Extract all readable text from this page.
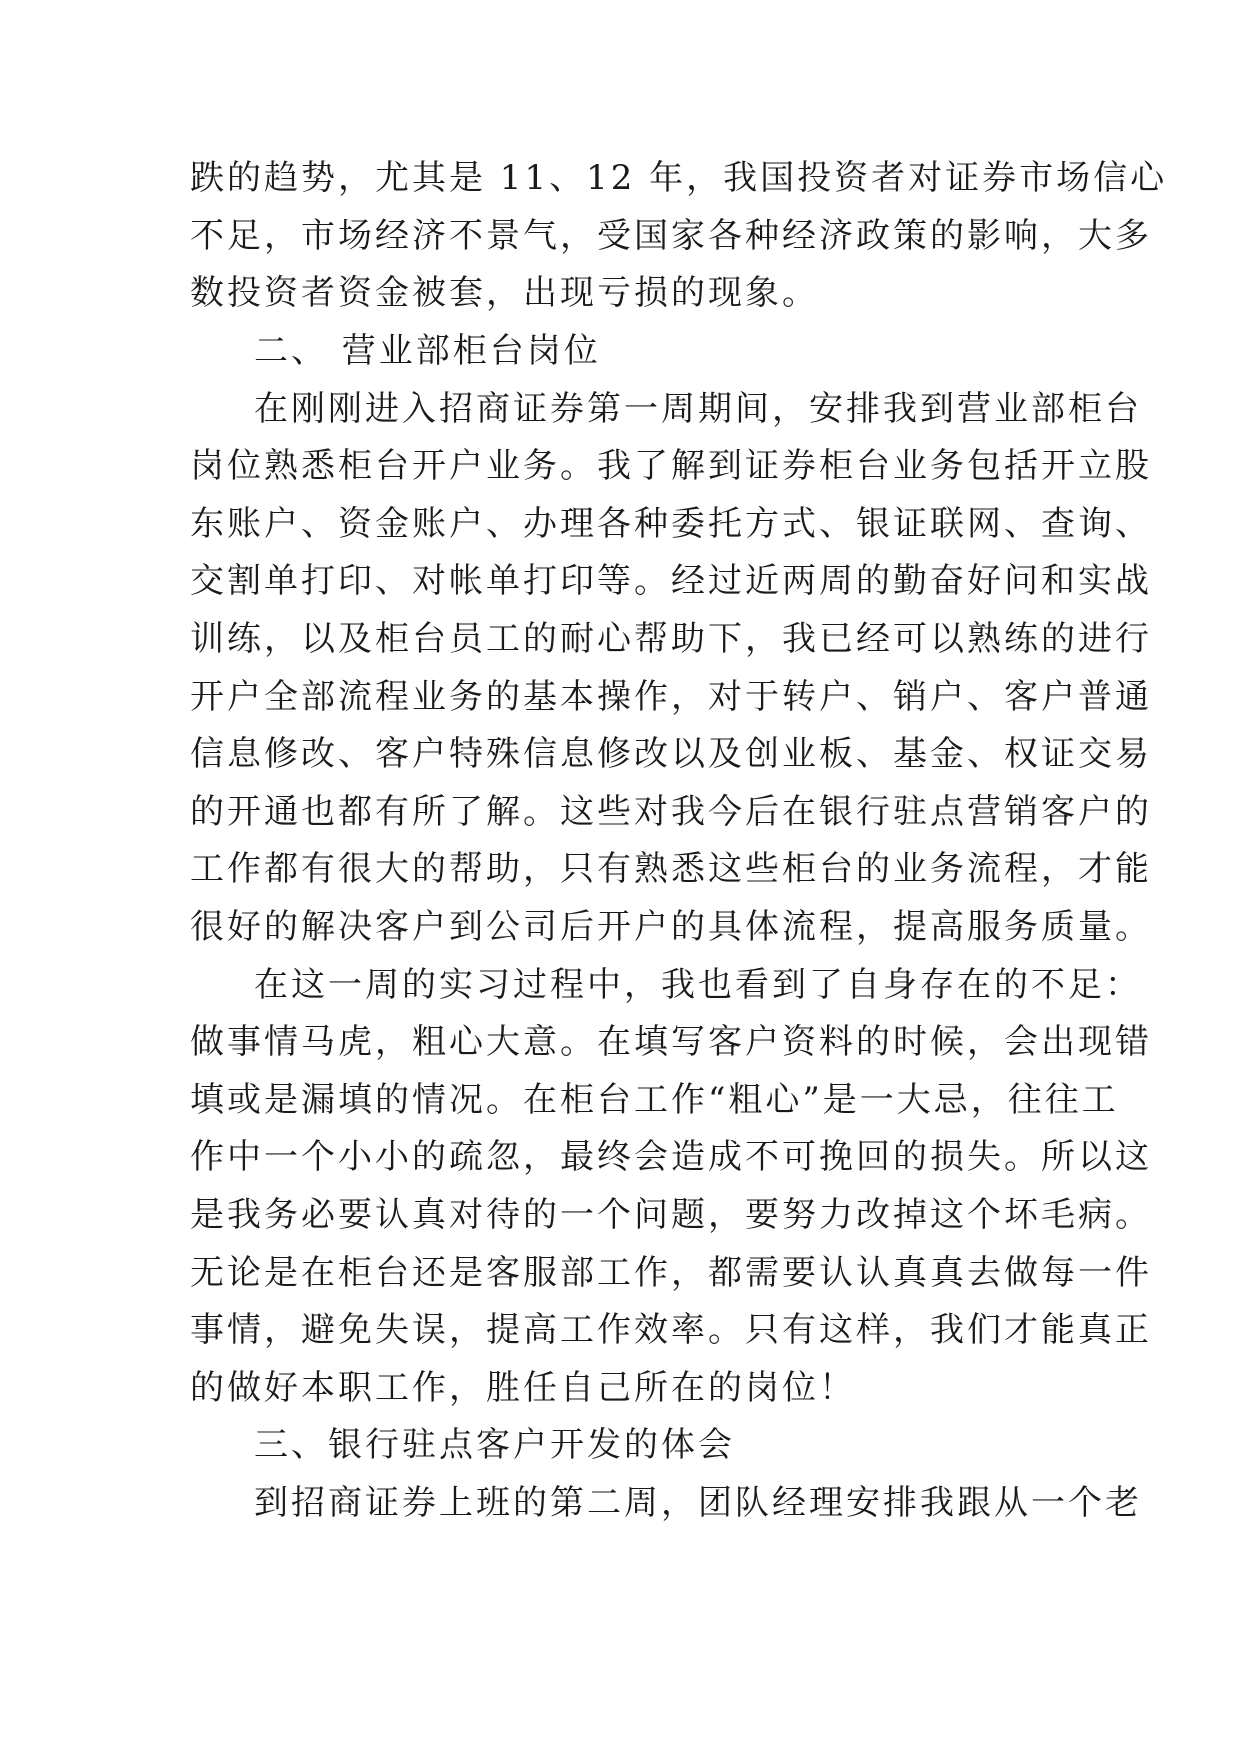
跌的趋势，尤其是 11、12 年，我国投资者对证券市场信心
不足，市场经济不景气，受国家各种经济政策的影响，大多
数投资者资金被套，出现亏损的现象。
二、 营业部柜台岗位
在刚刚进入招商证券第一周期间，安排我到营业部柜台
岗位熟悉柜台开户业务。我了解到证券柜台业务包括开立股
东账户、资金账户、办理各种委托方式、银证联网、查询、
交割单打印、对帐单打印等。经过近两周的勤奋好问和实战
训练，以及柜台员工的耐心帮助下，我已经可以熟练的进行
开户全部流程业务的基本操作，对于转户、销户、客户普通
信息修改、客户特殊信息修改以及创业板、基金、权证交易
的开通也都有所了解。这些对我今后在银行驻点营销客户的
工作都有很大的帮助，只有熟悉这些柜台的业务流程，才能
很好的解决客户到公司后开户的具体流程，提高服务质量。
在这一周的实习过程中，我也看到了自身存在的不足：
做事情马虎，粗心大意。在填写客户资料的时候，会出现错
填或是漏填的情况。在柜台工作“粗心”是一大忌，往往工
作中一个小小的疏忽，最终会造成不可挽回的损失。所以这
是我务必要认真对待的一个问题，要努力改掉这个坏毛病。
无论是在柜台还是客服部工作，都需要认认真真去做每一件
事情，避免失误，提高工作效率。只有这样，我们才能真正
的做好本职工作，胜任自己所在的岗位！
三、银行驻点客户开发的体会
到招商证券上班的第二周，团队经理安排我跟从一个老
